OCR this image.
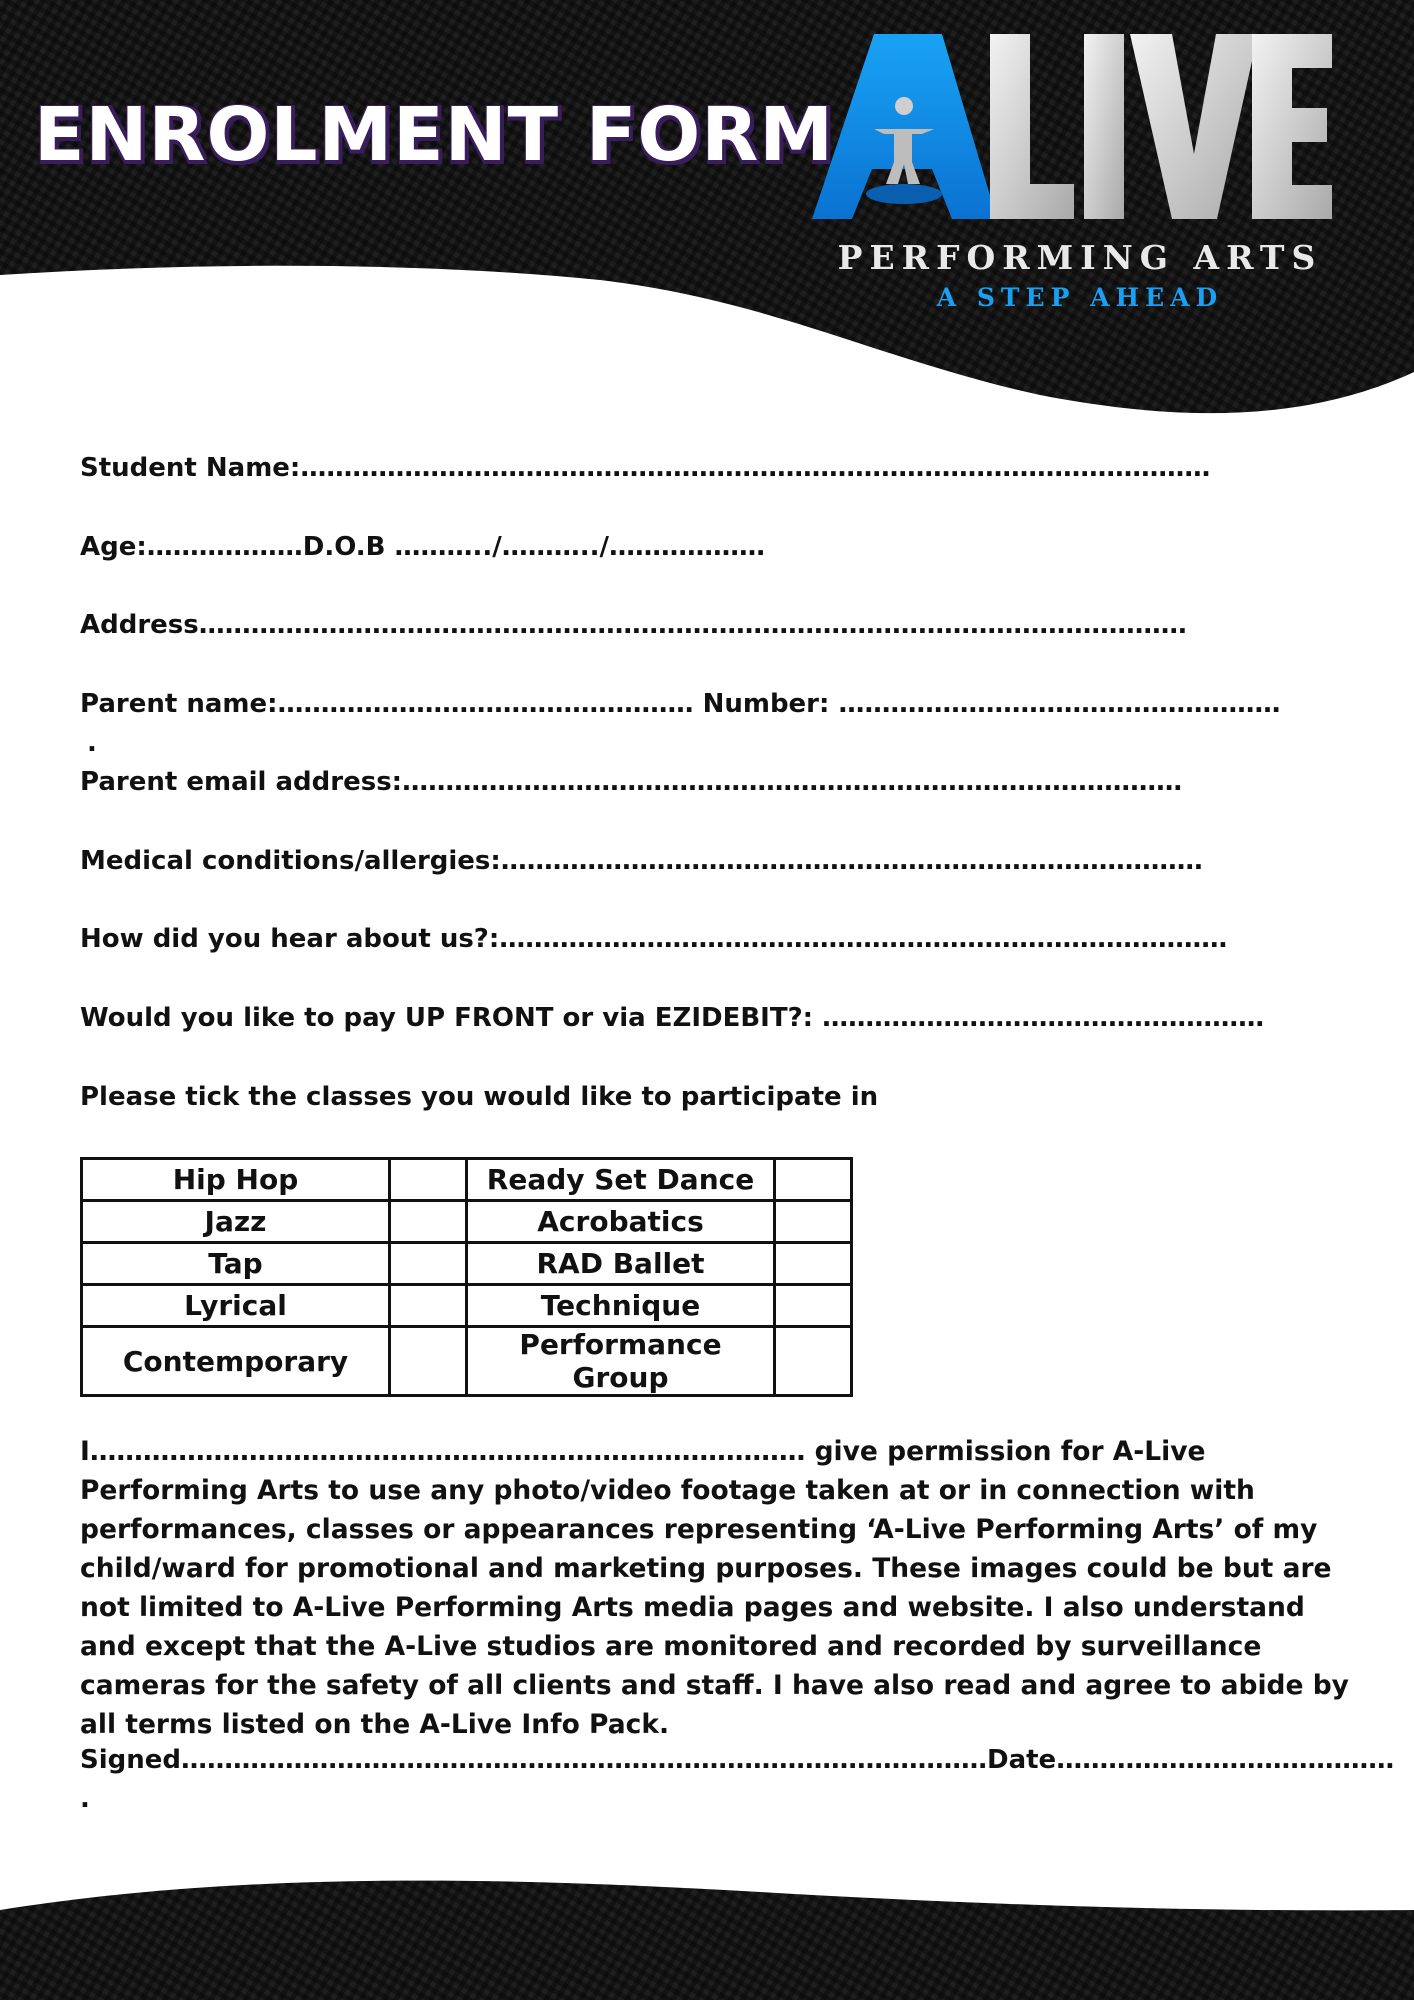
ENROLMENT FORM
PERFORMING ARTS
A STEP AHEAD
Student Name:……………………………………………………………………………………………
Age:………………D.O.B ………../………../………………
Address……………………………………………………………………………………………………
Parent name:………………………………………… Number: ……………………………………………
.
Parent email address:………………………………………………………………………………
Medical conditions/allergies:………………………………………………………………………
How did you hear about us?:…………………………………………………………………………
Would you like to pay UP FRONT or via EZIDEBIT?: ……………………………………………
Please tick the classes you would like to participate in
Hip Hop		Ready Set Dance	
Jazz		Acrobatics	
Tap		RAD Ballet	
Lyrical		Technique	
Contemporary		Performance Group	
I……………………………………………………………………… give permission for A-Live Performing Arts to use any photo/video footage taken at or in connection with performances, classes or appearances representing ‘A-Live Performing Arts’ of my child/ward for promotional and marketing purposes. These images could be but are not limited to A-Live Performing Arts media pages and website. I also understand and except that the A-Live studios are monitored and recorded by surveillance cameras for the safety of all clients and staff. I have also read and agree to abide by all terms listed on the A-Live Info Pack.
Signed…………………………………………………………………………………Date…………………………………
.
